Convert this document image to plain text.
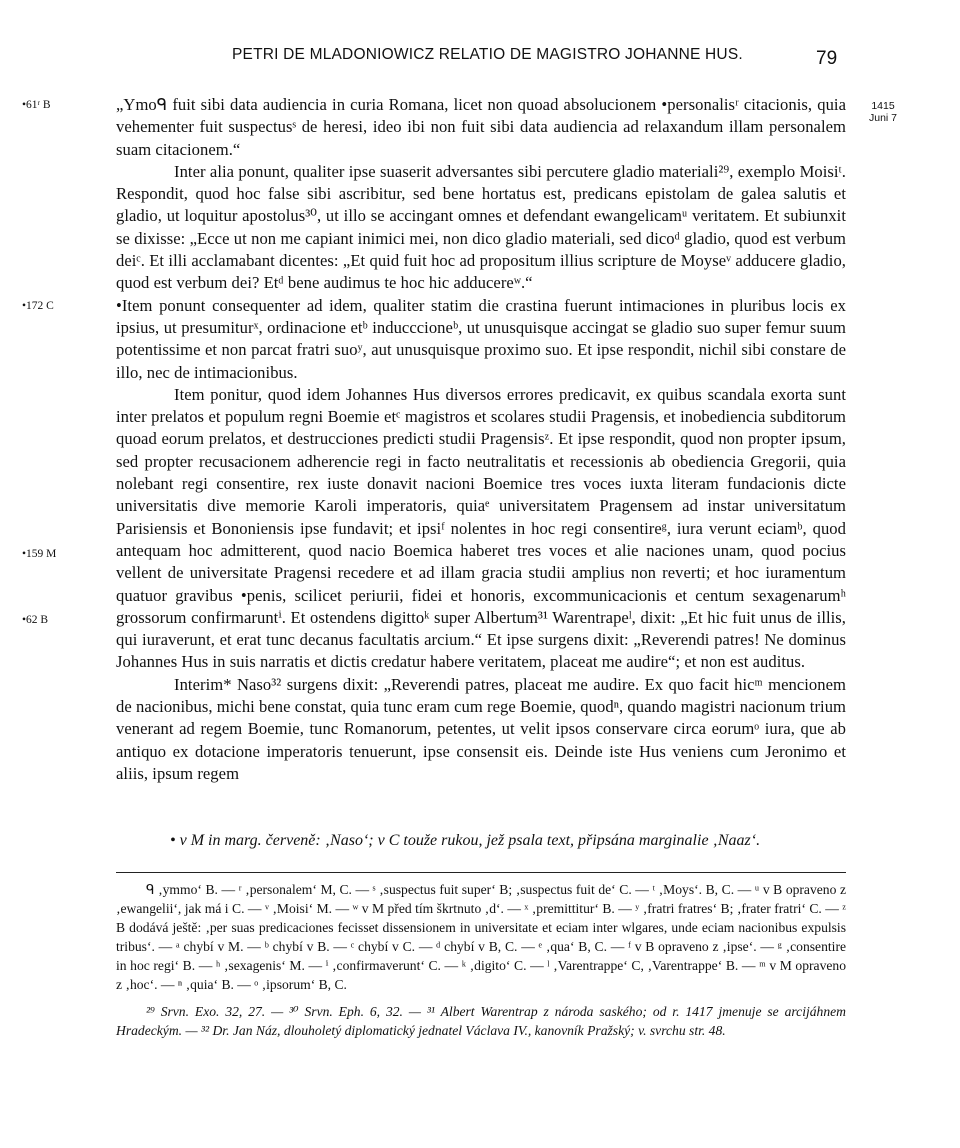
PETRI DE MLADONIOWICZ RELATIO DE MAGISTRO JOHANNE HUS.	79
•61ʳ B
•172 C
•159 M
•62 B
1415
Juni 7

„Ymoᑫ fuit sibi data audiencia in curia Romana, licet non quoad absolucionem •personalisʳ citacionis, quia vehementer fuit suspectusˢ de heresi, ideo ibi non fuit sibi data audiencia ad relaxandum illam personalem suam citacionem.“

Inter alia ponunt, qualiter ipse suaserit adversantes sibi percutere gladio materiali²⁹, exemplo Moisiᵗ. Respondit, quod hoc false sibi ascribitur, sed bene hortatus est, predicans epistolam de galea salutis et gladio, ut loquitur apostolus³⁰, ut illo se accingant omnes et defendant ewangelicamᵘ veritatem. Et subiunxit se dixisse: „Ecce ut non me capiant inimici mei, non dico gladio materiali, sed dicoᵈ gladio, quod est verbum deiᶜ. Et illi acclamabant dicentes: „Et quid fuit hoc ad propositum illius scripture de Moyseᵛ adducere gladio, quod est verbum dei? Etᵈ bene audimus te hoc hic adducereʷ.“

•Item ponunt consequenter ad idem, qualiter statim die crastina fuerunt intimaciones in pluribus locis ex ipsius, ut presumiturˣ, ordinacione etᵇ inducccioneᵇ, ut unusquisque accingat se gladio suo super femur suum potentissime et non parcat fratri suoʸ, aut unusquisque proximo suo. Et ipse respondit, nichil sibi constare de illo, nec de intimacionibus.

Item ponitur, quod idem Johannes Hus diversos errores predicavit, ex quibus scandala exorta sunt inter prelatos et populum regni Boemie etᶜ magistros et scolares studii Pragensis, et inobediencia subditorum quoad eorum prelatos, et destrucciones predicti studii Pragensisᶻ. Et ipse respondit, quod non propter ipsum, sed propter recusacionem adherencie regi in facto neutralitatis et recessionis ab obediencia Gregorii, quia nolebant regi consentire, rex iuste donavit nacioni Boemice tres voces iuxta literam fundacionis dicte universitatis dive memorie Karoli imperatoris, quiaᵉ universitatem Pragensem ad instar universitatum Parisiensis et Bononiensis ipse fundavit; et ipsiᶠ nolentes in hoc regi consentireᵍ, iura verunt eciamᵇ, quod antequam hoc admitterent, quod nacio Boemica haberet tres voces et alie naciones unam, quod pocius vellent de universitate Pragensi recedere et ad illam gracia studii amplius non reverti; et hoc iuramentum quatuor gravibus •penis, scilicet periurii, fidei et honoris, excommunicacionis et centum sexagenarumʰ grossorum confirmaruntⁱ. Et ostendens digittoᵏ super Albertum³¹ Warentrapeˡ, dixit: „Et hic fuit unus de illis, qui iuraverunt, et erat tunc decanus facultatis arcium.“ Et ipse surgens dixit: „Reverendi patres! Ne dominus Johannes Hus in suis narratis et dictis credatur habere veritatem, placeat me audire“; et non est auditus.

Interim* Naso³² surgens dixit: „Reverendi patres, placeat me audire. Ex quo facit hicᵐ mencionem de nacionibus, michi bene constat, quia tunc eram cum rege Boemie, quodⁿ, quando magistri nacionum trium venerant ad regem Boemie, tunc Romanorum, petentes, ut velit ipsos conservare circa eorumᵒ iura, que ab antiquo ex dotacione imperatoris tenuerunt, ipse consensit eis. Deinde iste Hus veniens cum Jeronimo et aliis, ipsum regem

• v M in marg. červeně: ‚Naso‘; v C touže rukou, jež psala text, připsána marginalie ‚Naaz‘.

ᑫ ‚ymmo‘ B. — ʳ ‚personalem‘ M, C. — ˢ ‚suspectus fuit super‘ B; ‚suspectus fuit de‘ C. — ᵗ ‚Moys‘. B, C. — ᵘ v B opraveno z ‚ewangelii‘, jak má i C. — ᵛ ‚Moisi‘ M. — ʷ v M před tím škrtnuto ‚d‘. — ˣ ‚premittitur‘ B. — ʸ ‚fratri fratres‘ B; ‚frater fratri‘ C. — ᶻ B dodává ještě: ‚per suas predicaciones fecisset dissensionem in universitate et eciam inter wlgares, unde eciam nacionibus expulsis tribus‘. — ᵃ chybí v M. — ᵇ chybí v B. — ᶜ chybí v C. — ᵈ chybí v B, C. — ᵉ ‚qua‘ B, C. — ᶠ v B opraveno z ‚ipse‘. — ᵍ ‚consentire in hoc regi‘ B. — ʰ ‚sexagenis‘ M. — ⁱ ‚confirmaverunt‘ C. — ᵏ ‚digito‘ C. — ˡ ‚Varentrappe‘ C, ‚Varentrappe‘ B. — ᵐ v M opraveno z ‚hoc‘. — ⁿ ‚quia‘ B. — ᵒ ‚ipsorum‘ B, C.

²⁹ Srvn. Exo. 32, 27. — ³⁰ Srvn. Eph. 6, 32. — ³¹ Albert Warentrap z národa saského; od r. 1417 jmenuje se arcijáhnem Hradeckým. — ³² Dr. Jan Náz, dlouholetý diplomatický jednatel Václava IV., kanovník Pražský; v. svrchu str. 48.
